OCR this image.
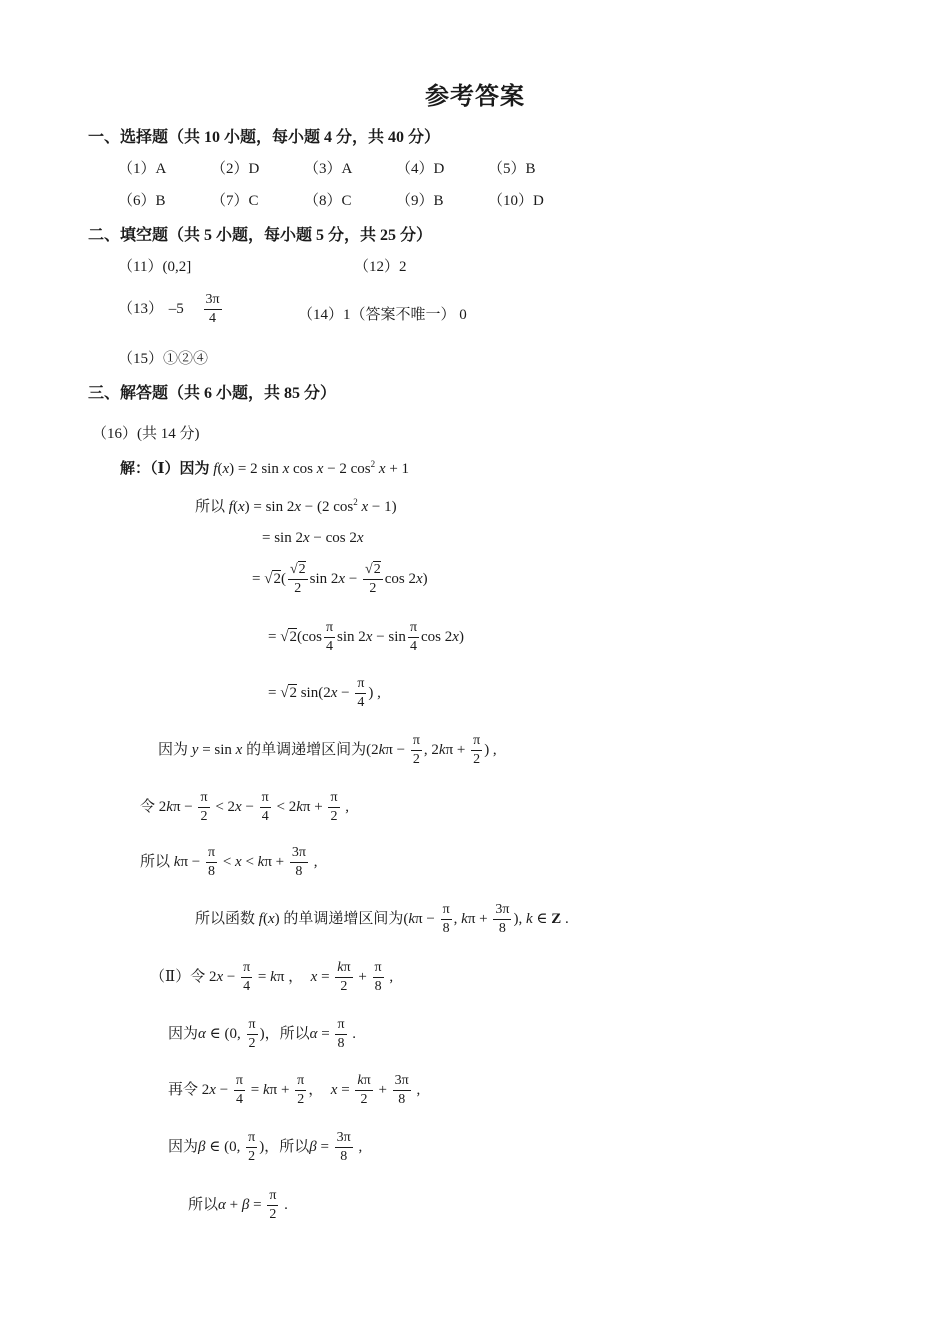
参考答案
一、选择题（共 10 小题，每小题 4 分，共 40 分）
（1）A	（2）D	（3）A	（4）D	（5）B
（6）B	（7）C	（8）C	（9）B	（10）D
二、填空题（共 5 小题，每小题 5 分，共 25 分）
（11）(0,2]	（12）2
（13） $-5 \frac{3\pi}{4}$	（14）1（答案不唯一） 0
（15）①②④
三、解答题（共 6 小题，共 85 分）
（16）(共 14 分)
解：（Ⅰ）因为 f(x) = 2 sin x cos x − 2 $\cos^2 x + 1$
所以 f(x) = sin 2x − (2 $\cos^2 x - 1$)
= sin 2x − cos 2x
= $√2( \frac{√2}{2}$ $\sin 2x - \frac{√2}{2}$ cos 2x)
= $√2(\cos \frac{\pi}{4}$ $\sin 2x - \sin \frac{\pi}{4}$ cos 2x)
= √2 $\sin(2x - \frac{\pi}{4}$ ) ,
因为 y = sin x 的单调递增区间为($2k\pi - \frac{\pi}{2}$ , $2k\pi + \frac{\pi}{2}$ ) ,
令 $2k\pi - \frac{\pi}{2} < 2x - \frac{\pi}{4} < 2k\pi + \frac{\pi}{2}$ ,
所以 $k\pi - \frac{\pi}{8} < x < k\pi + \frac{3\pi}{8}$ ,
所以函数 f(x) 的单调递增区间为($k\pi - \frac{\pi}{8}$ , $k\pi + \frac{3\pi}{8}$ ), k ∈ Z .
（Ⅱ）令 $2x - \frac{\pi}{4} = k\pi$ ，  $x = \frac{k\pi}{2} + \frac{\pi}{8}$ ,
因为α ∈ (0, $\frac{\pi}{2}$ )，所以$\alpha = \frac{\pi}{8}$ .
再令 $2x - \frac{\pi}{4} = k\pi + \frac{\pi}{2}$ ，  $x = \frac{k\pi}{2} + \frac{3\pi}{8}$ ,
因为β ∈ (0, $\frac{\pi}{2}$ )，所以$\beta = \frac{3\pi}{8}$ ,
所以$\alpha + \beta = \frac{\pi}{2}$ .
